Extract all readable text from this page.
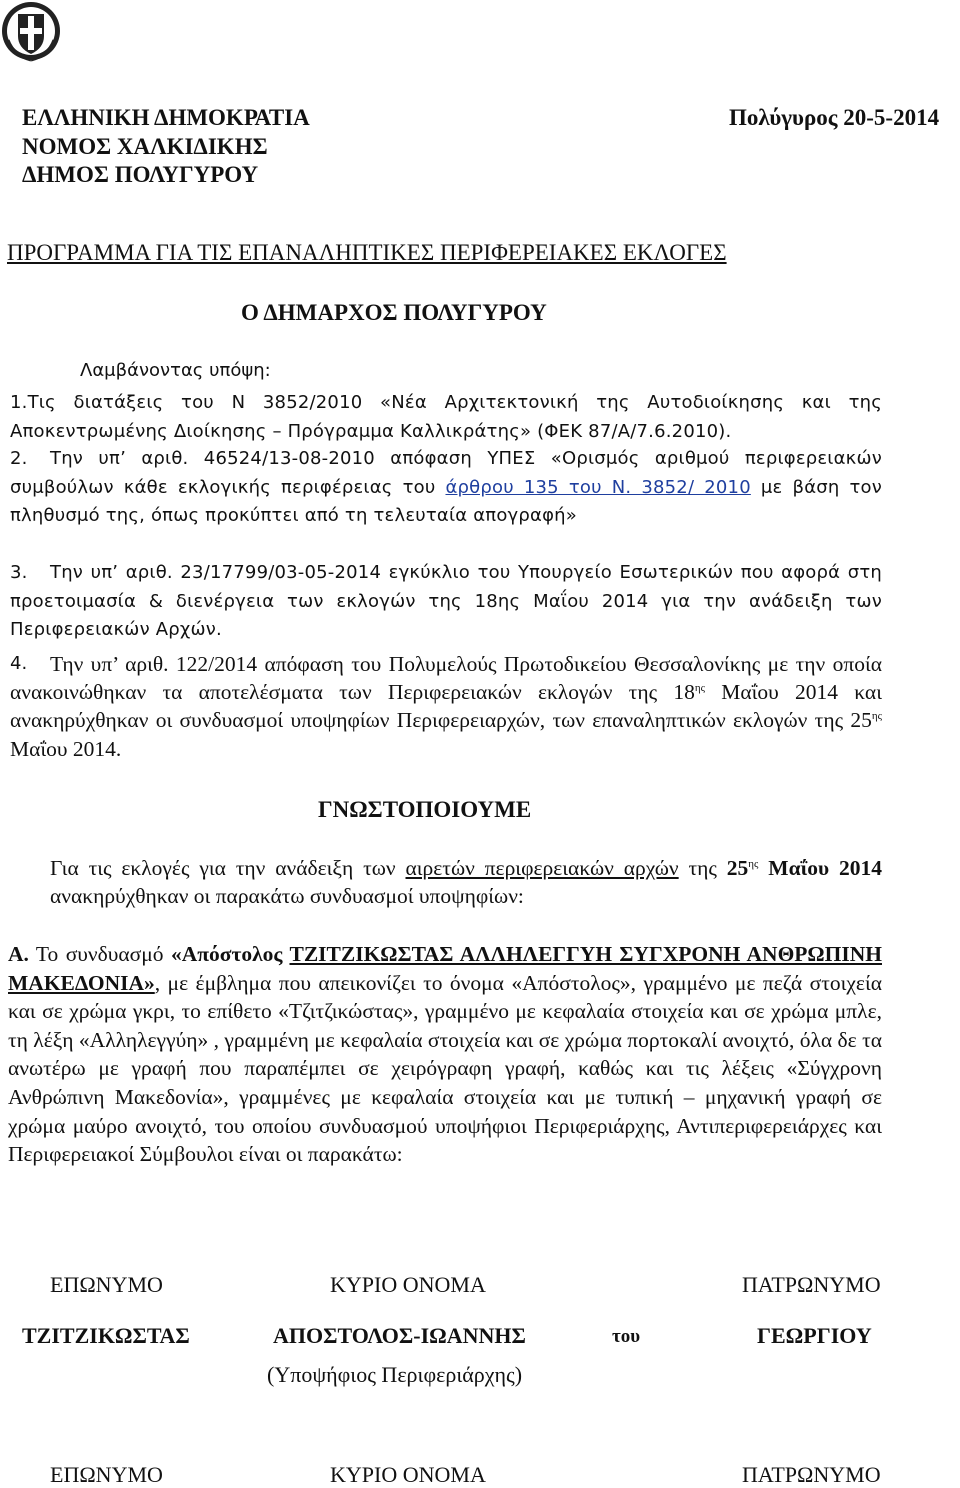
ΕΛΛΗΝΙΚΗ ΔΗΜΟΚΡΑΤΙΑ
ΝΟΜΟΣ ΧΑΛΚΙΔΙΚΗΣ
ΔΗΜΟΣ ΠΟΛΥΓΥΡΟΥ
Πολύγυρος 20-5-2014
ΠΡΟΓΡΑΜΜΑ ΓΙΑ ΤΙΣ ΕΠΑΝΑΛΗΠΤΙΚΕΣ ΠΕΡΙΦΕΡΕΙΑΚΕΣ ΕΚΛΟΓΕΣ
Ο ΔΗΜΑΡΧΟΣ ΠΟΛΥΓΥΡΟΥ
Λαμβάνοντας υπόψη:
1.Τις διατάξεις του Ν 3852/2010 «Νέα Αρχιτεκτονική της Αυτοδιοίκησης και της Αποκεντρωμένης Διοίκησης – Πρόγραμμα Καλλικράτης» (ΦΕΚ 87/Α/7.6.2010).
2. Την υπ’ αριθ. 46524/13-08-2010 απόφαση ΥΠΕΣ «Ορισμός αριθμού περιφερειακών συμβούλων κάθε εκλογικής περιφέρειας του άρθρου 135 του Ν. 3852/ 2010 με βάση τον πληθυσμό της, όπως προκύπτει από τη τελευταία απογραφή»
3. Την υπ’ αριθ. 23/17799/03-05-2014 εγκύκλιο του Υπουργείο Εσωτερικών που αφορά στη προετοιμασία & διενέργεια των εκλογών της 18ης Μαΐου 2014 για την ανάδειξη των Περιφερειακών Αρχών.
4. Την υπ’ αριθ. 122/2014 απόφαση του Πολυμελούς Πρωτοδικείου Θεσσαλονίκης με την οποία ανακοινώθηκαν τα αποτελέσματα των Περιφερειακών εκλογών της $18^{\eta\varsigma}$ Μαΐου 2014 και ανακηρύχθηκαν οι συνδυασμοί υποψηφίων Περιφερειαρχών, των επαναληπτικών εκλογών της $25^{\eta\varsigma}$ Μαΐου 2014.
ΓΝΩΣΤΟΠΟΙΟΥΜΕ
Για τις εκλογές για την ανάδειξη των αιρετών περιφερειακών αρχών της $25^{\eta\varsigma}$ Μαΐου 2014 ανακηρύχθηκαν οι παρακάτω συνδυασμοί υποψηφίων:
Α. Το συνδυασμό «Απόστολος ΤΖΙΤΖΙΚΩΣΤΑΣ ΑΛΛΗΛΕΓΓΥΗ ΣΥΓΧΡΟΝΗ ΑΝΘΡΩΠΙΝΗ ΜΑΚΕΔΟΝΙΑ», με έμβλημα που απεικονίζει το όνομα «Απόστολος», γραμμένο με πεζά στοιχεία και σε χρώμα γκρι, το επίθετο «Τζιτζικώστας», γραμμένο με κεφαλαία στοιχεία και σε χρώμα μπλε, τη λέξη «Αλληλεγγύη» , γραμμένη με κεφαλαία στοιχεία και σε χρώμα πορτοκαλί ανοιχτό, όλα δε τα ανωτέρω με γραφή που παραπέμπει σε χειρόγραφη γραφή, καθώς και τις λέξεις «Σύγχρονη Ανθρώπινη Μακεδονία», γραμμένες με κεφαλαία στοιχεία και με τυπική – μηχανική γραφή σε χρώμα μαύρο ανοιχτό, του οποίου συνδυασμού υποψήφιοι Περιφεριάρχης, Αντιπεριφερειάρχες και Περιφερειακοί Σύμβουλοι είναι οι παρακάτω:
ΕΠΩΝΥΜΟ	ΚΥΡΙΟ ΟΝΟΜΑ	ΠΑΤΡΩΝΥΜΟ
ΤΖΙΤΖΙΚΩΣΤΑΣ	ΑΠΟΣΤΟΛΟΣ-ΙΩΑΝΝΗΣ	του	ΓΕΩΡΓΙΟΥ
(Υποψήφιος Περιφεριάρχης)
ΕΠΩΝΥΜΟ	ΚΥΡΙΟ ΟΝΟΜΑ	ΠΑΤΡΩΝΥΜΟ
